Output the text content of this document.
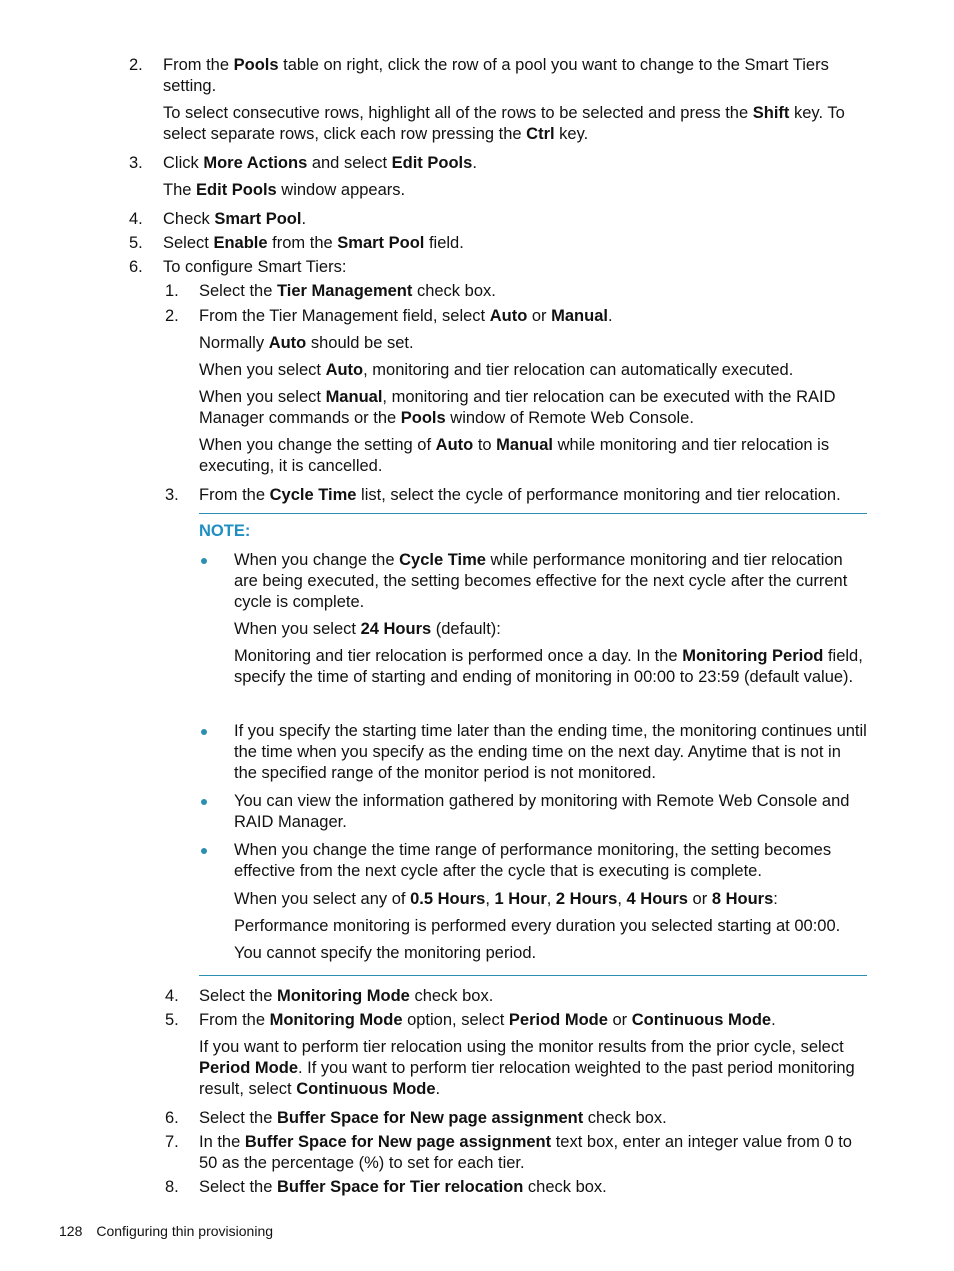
2. From the Pools table on right, click the row of a pool you want to change to the Smart Tiers setting.
To select consecutive rows, highlight all of the rows to be selected and press the Shift key. To select separate rows, click each row pressing the Ctrl key.
3. Click More Actions and select Edit Pools.
The Edit Pools window appears.
4. Check Smart Pool.
5. Select Enable from the Smart Pool field.
6. To configure Smart Tiers:
1. Select the Tier Management check box.
2. From the Tier Management field, select Auto or Manual.
Normally Auto should be set.
When you select Auto, monitoring and tier relocation can automatically executed.
When you select Manual, monitoring and tier relocation can be executed with the RAID Manager commands or the Pools window of Remote Web Console.
When you change the setting of Auto to Manual while monitoring and tier relocation is executing, it is cancelled.
3. From the Cycle Time list, select the cycle of performance monitoring and tier relocation.
NOTE:
When you change the Cycle Time while performance monitoring and tier relocation are being executed, the setting becomes effective for the next cycle after the current cycle is complete.
When you select 24 Hours (default):
Monitoring and tier relocation is performed once a day. In the Monitoring Period field, specify the time of starting and ending of monitoring in 00:00 to 23:59 (default value).
If you specify the starting time later than the ending time, the monitoring continues until the time when you specify as the ending time on the next day. Anytime that is not in the specified range of the monitor period is not monitored.
You can view the information gathered by monitoring with Remote Web Console and RAID Manager.
When you change the time range of performance monitoring, the setting becomes effective from the next cycle after the cycle that is executing is complete.
When you select any of 0.5 Hours, 1 Hour, 2 Hours, 4 Hours or 8 Hours:
Performance monitoring is performed every duration you selected starting at 00:00.
You cannot specify the monitoring period.
4. Select the Monitoring Mode check box.
5. From the Monitoring Mode option, select Period Mode or Continuous Mode.
If you want to perform tier relocation using the monitor results from the prior cycle, select Period Mode. If you want to perform tier relocation weighted to the past period monitoring result, select Continuous Mode.
6. Select the Buffer Space for New page assignment check box.
7. In the Buffer Space for New page assignment text box, enter an integer value from 0 to 50 as the percentage (%) to set for each tier.
8. Select the Buffer Space for Tier relocation check box.
128 Configuring thin provisioning
